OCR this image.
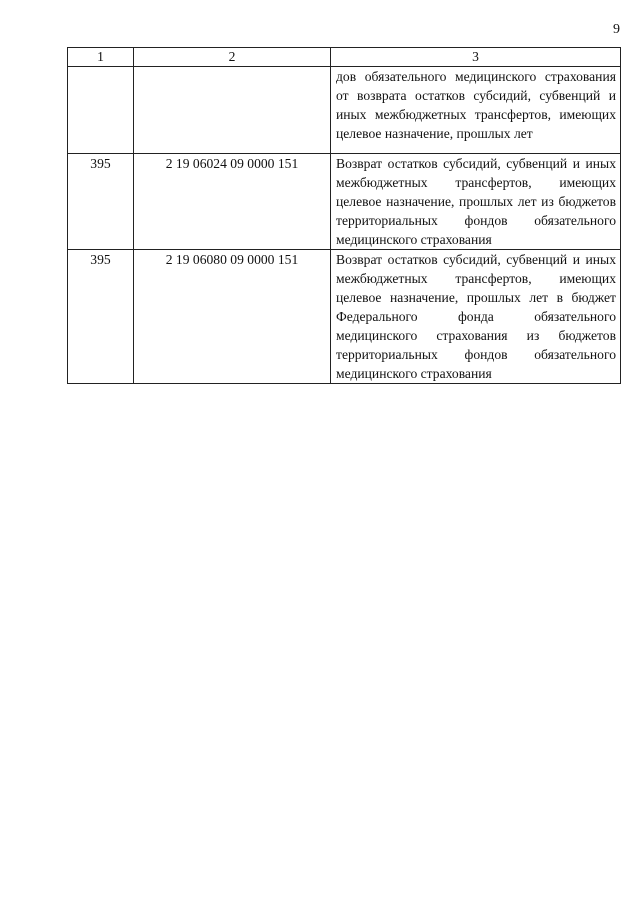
9
1	2	3
		дов обязательного медицинского страхования от возврата остатков субсидий, субвенций и иных межбюджетных трансфертов, имеющих целевое назначение, прошлых лет
395	2 19 06024 09 0000 151	Возврат остатков субсидий, субвенций и иных межбюджетных трансфертов, имеющих целевое назначение, прошлых лет из бюджетов территориальных фондов обязательного медицинского страхования
395	2 19 06080 09 0000 151	Возврат остатков субсидий, субвенций и иных межбюджетных трансфертов, имеющих целевое назначение, прошлых лет в бюджет Федерального фонда обязательного медицинского страхования из бюджетов территориальных фондов обязательного медицинского страхования
